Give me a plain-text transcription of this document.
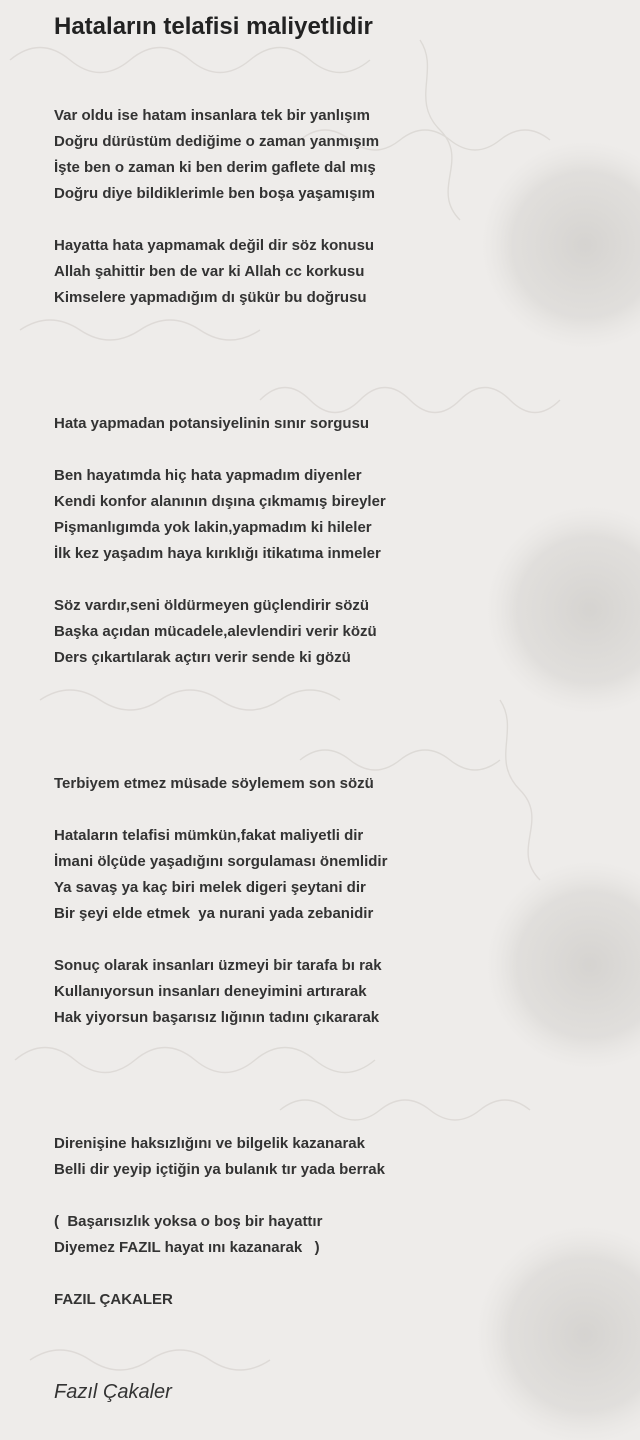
Hataların telafisi maliyetlidir
Var oldu ise hatam insanlara tek bir yanlışım
Doğru dürüstüm dediğime o zaman yanmışım
İşte ben o zaman ki ben derim gaflete dal mış
Doğru diye bildiklerimle ben boşa yaşamışım
Hayatta hata yapmamak değil dir söz konusu
Allah şahittir ben de var ki Allah cc korkusu
Kimselere yapmadığım dı şükür bu doğrusu
Hata yapmadan potansiyelinin sınır sorgusu
Ben hayatımda hiç hata yapmadım diyenler
Kendi konfor alanının dışına çıkmamış bireyler
Pişmanlıgımda yok lakin,yapmadım ki hileler
İlk kez yaşadım haya kırıklığı itikatıma inmeler
Söz vardır,seni öldürmeyen güçlendirir sözü
Başka açıdan mücadele,alevlendiri verir közü
Ders çıkartılarak açtırı verir sende ki gözü
Terbiyem etmez müsade söylemem son sözü
Hataların telafisi mümkün,fakat maliyetli dir
İmani ölçüde yaşadığını sorgulaması önemlidir
Ya savaş ya kaç biri melek digeri şeytani dir
Bir şeyi elde etmek  ya nurani yada zebanidir
Sonuç olarak insanları üzmeyi bir tarafa bı rak
Kullanıyorsun insanları deneyimini artırarak
Hak yiyorsun başarısız lığının tadını çıkararak
Direnişine haksızlığını ve bilgelik kazanarak
Belli dir yeyip içtiğin ya bulanık tır yada berrak
(  Başarısızlık yoksa o boş bir hayattır
Diyemez FAZIL hayat ını kazanarak   )
FAZIL ÇAKALER
Fazıl Çakaler
